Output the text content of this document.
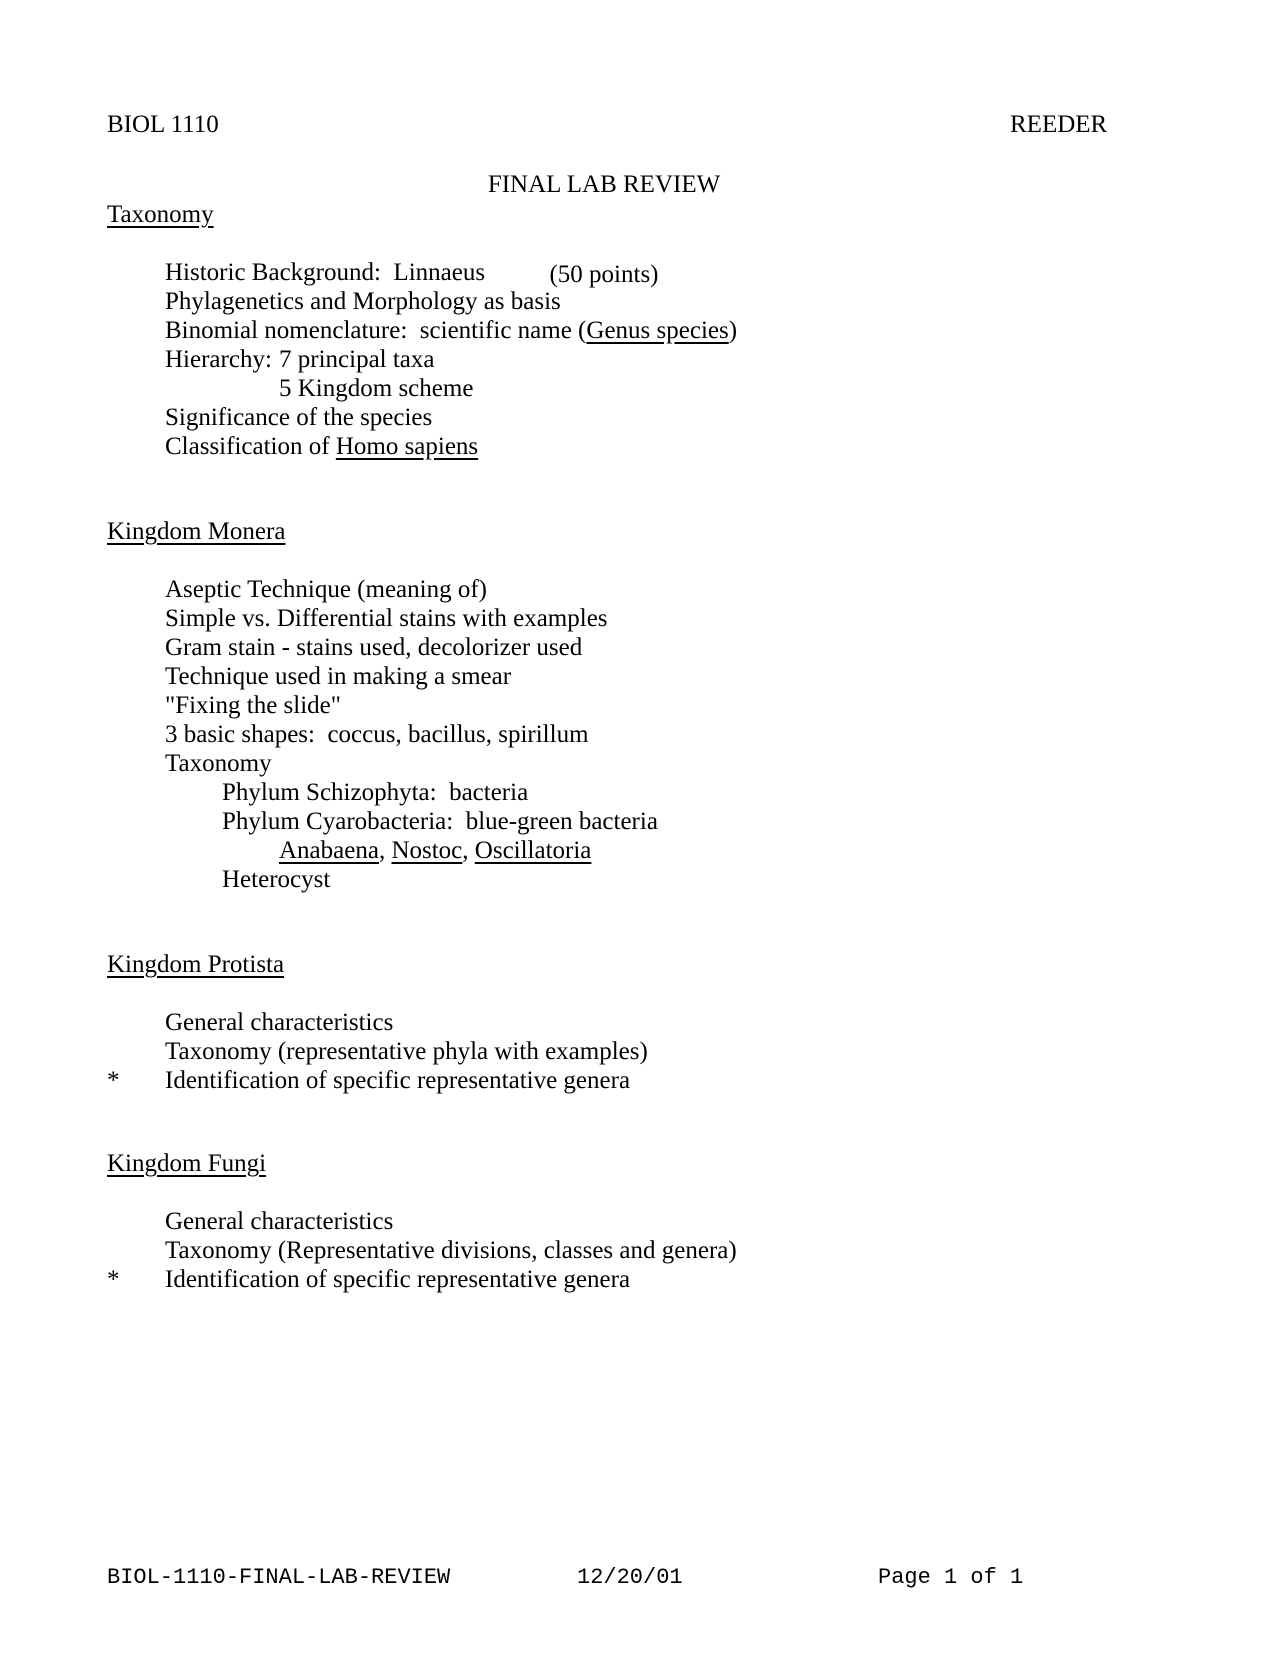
BIOL 1110

FINAL LAB REVIEW

(50 points)

REEDER
Taxonomy
Historic Background:  Linnaeus
Phylagenetics and Morphology as basis
Binomial nomenclature:  scientific name (Genus species)
Hierarchy: 7 principal taxa
5 Kingdom scheme
Significance of the species
Classification of Homo sapiens
Kingdom Monera
Aseptic Technique (meaning of)
Simple vs. Differential stains with examples
Gram stain - stains used, decolorizer used
Technique used in making a smear
"Fixing the slide"
3 basic shapes:  coccus, bacillus, spirillum
Taxonomy
Phylum Schizophyta:  bacteria
Phylum Cyarobacteria:  blue-green bacteria
Anabaena, Nostoc, Oscillatoria
Heterocyst
Kingdom Protista
General characteristics
Taxonomy (representative phyla with examples)
* Identification of specific representative genera
Kingdom Fungi
General characteristics
Taxonomy (Representative divisions, classes and genera)
* Identification of specific representative genera
BIOL-1110-FINAL-LAB-REVIEW	12/20/01	Page 1 of 1
